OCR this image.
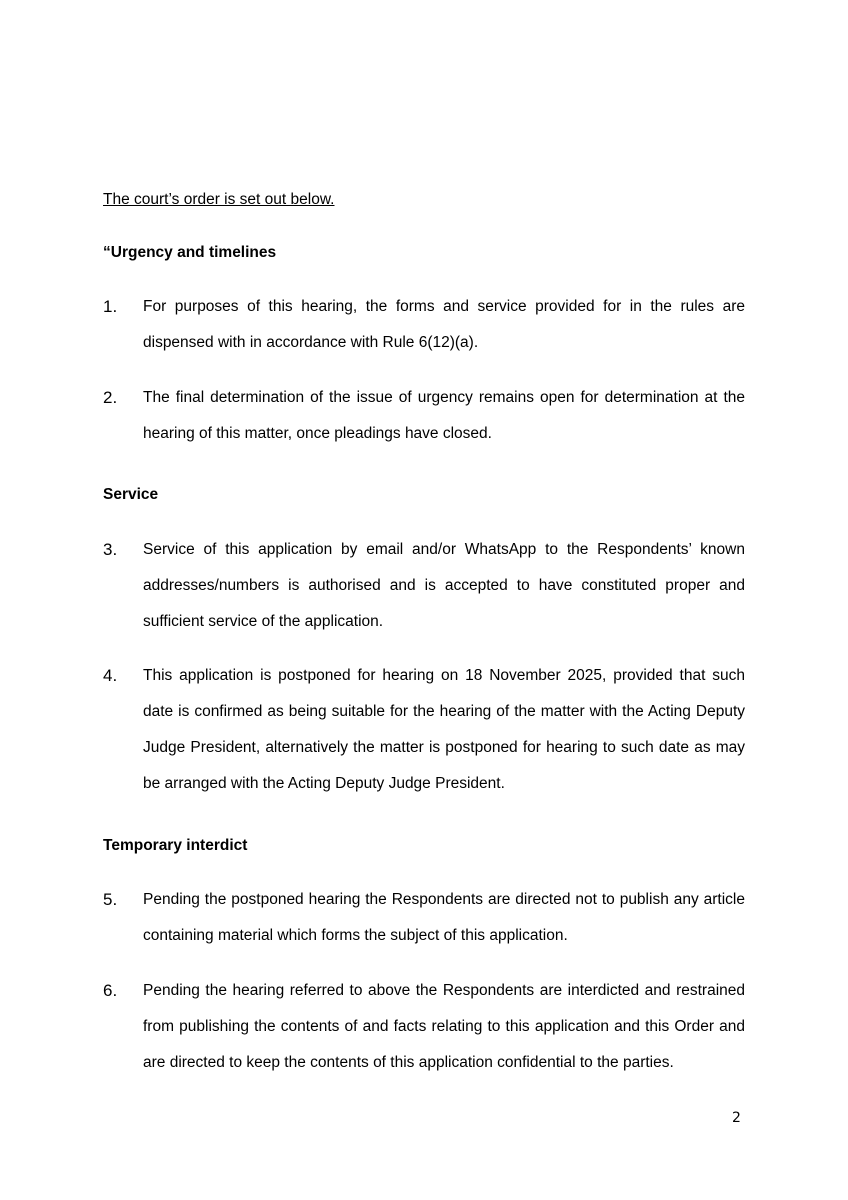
The court’s order is set out below.
“Urgency and timelines
1. For purposes of this hearing, the forms and service provided for in the rules are dispensed with in accordance with Rule 6(12)(a).
2. The final determination of the issue of urgency remains open for determination at the hearing of this matter, once pleadings have closed.
Service
3. Service of this application by email and/or WhatsApp to the Respondents’ known addresses/numbers is authorised and is accepted to have constituted proper and sufficient service of the application.
4. This application is postponed for hearing on 18 November 2025, provided that such date is confirmed as being suitable for the hearing of the matter with the Acting Deputy Judge President, alternatively the matter is postponed for hearing to such date as may be arranged with the Acting Deputy Judge President.
Temporary interdict
5. Pending the postponed hearing the Respondents are directed not to publish any article containing material which forms the subject of this application.
6. Pending the hearing referred to above the Respondents are interdicted and restrained from publishing the contents of and facts relating to this application and this Order and are directed to keep the contents of this application confidential to the parties.
2
